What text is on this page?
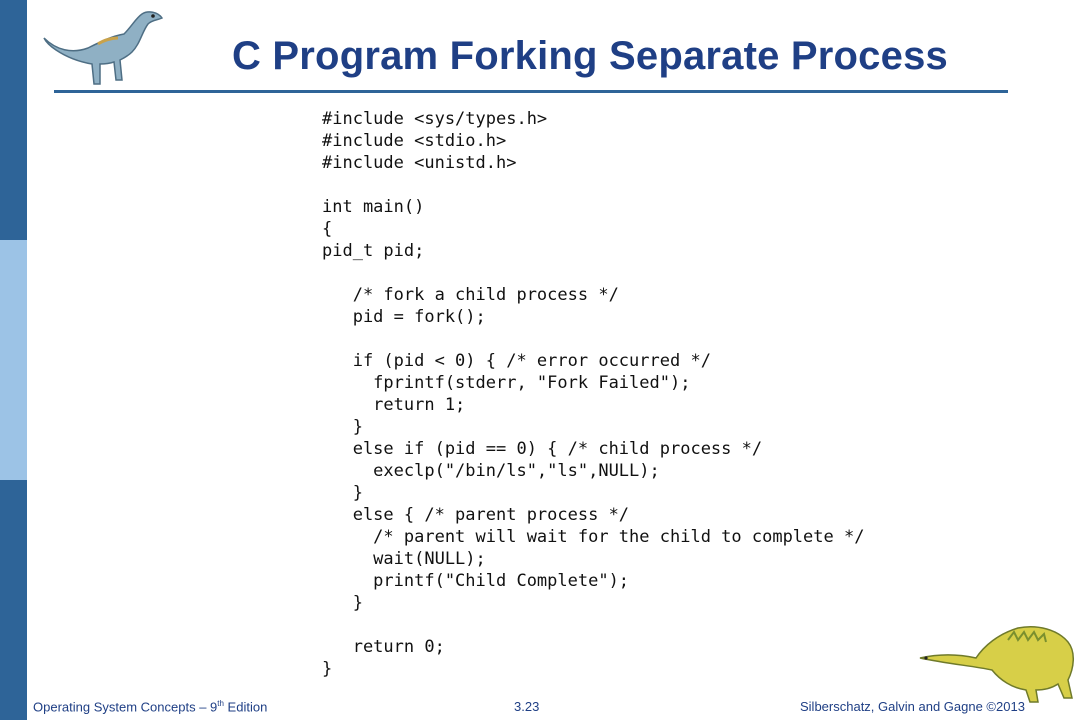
C Program Forking Separate Process
#include <sys/types.h>
#include <stdio.h>
#include <unistd.h>
int main()
{
pid_t pid;
/* fork a child process */
pid = fork();
if (pid < 0) { /* error occurred */
fprintf(stderr, "Fork Failed");
return 1;
}
else if (pid == 0) { /* child process */
execlp("/bin/ls","ls",NULL);
}
else { /* parent process */
/* parent will wait for the child to complete */
wait(NULL);
printf("Child Complete");
}
return 0;
}
Operating System Concepts – 9th Edition	3.23	Silberschatz, Galvin and Gagne ©2013
